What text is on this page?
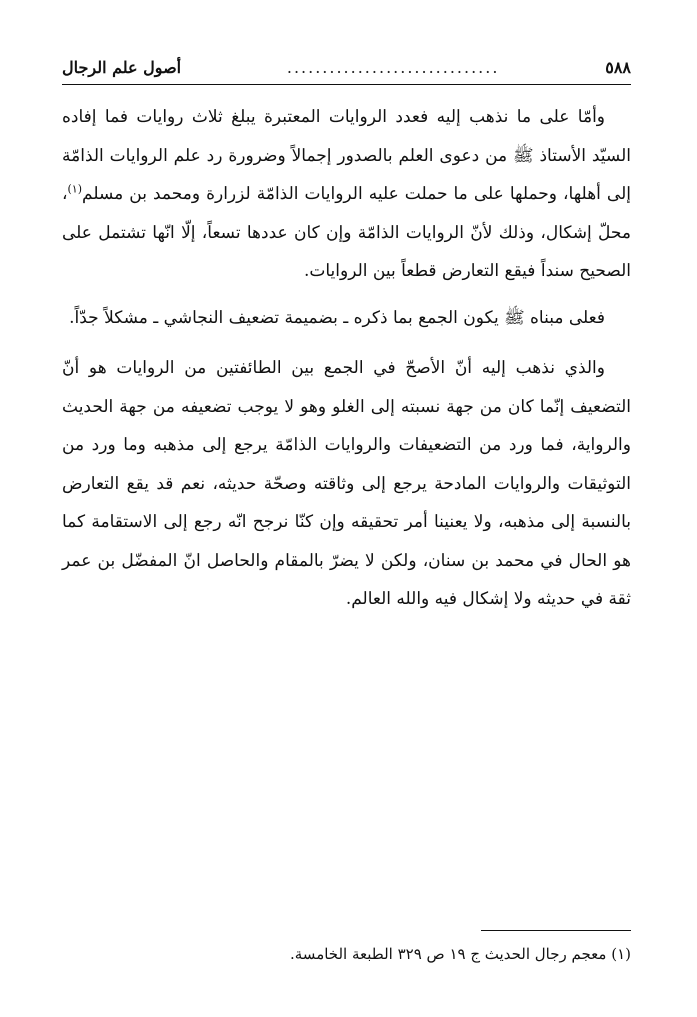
٥٨٨
..............................
أصول علم الرجال

وأمّا على ما نذهب إليه فعدد الروايات المعتبرة يبلغ ثلاث روايات فما إفاده السيّد الأستاذ ﷺ من دعوى العلم بالصدور إجمالاً وضرورة رد علم الروايات الذامّة إلى أهلها، وحملها على ما حملت عليه الروايات الذامّة لزرارة ومحمد بن مسلم$^{(١)}$، محلّ إشكال، وذلك لأنّ الروايات الذامّة وإن كان عددها تسعاً، إلّا انّها تشتمل على الصحيح سنداً فيقع التعارض قطعاً بين الروايات.

فعلى مبناه ﷺ يكون الجمع بما ذكره ـ بضميمة تضعيف النجاشي ـ مشكلاً جدّاً.

والذي نذهب إليه أنّ الأصحّ في الجمع بين الطائفتين من الروايات هو أنّ التضعيف إنّما كان من جهة نسبته إلى الغلو وهو لا يوجب تضعيفه من جهة الحديث والرواية، فما ورد من التضعيفات والروايات الذامّة يرجع إلى مذهبه وما ورد من التوثيقات والروايات المادحة يرجع إلى وثاقته وصحّة حديثه، نعم قد يقع التعارض بالنسبة إلى مذهبه، ولا يعنينا أمر تحقيقه وإن كنّا نرجح انّه رجع إلى الاستقامة كما هو الحال في محمد بن سنان، ولكن لا يضرّ بالمقام والحاصل انّ المفضّل بن عمر ثقة في حديثه ولا إشكال فيه والله العالم.

(١) معجم رجال الحديث ج ١٩ ص ٣٢٩ الطبعة الخامسة.
